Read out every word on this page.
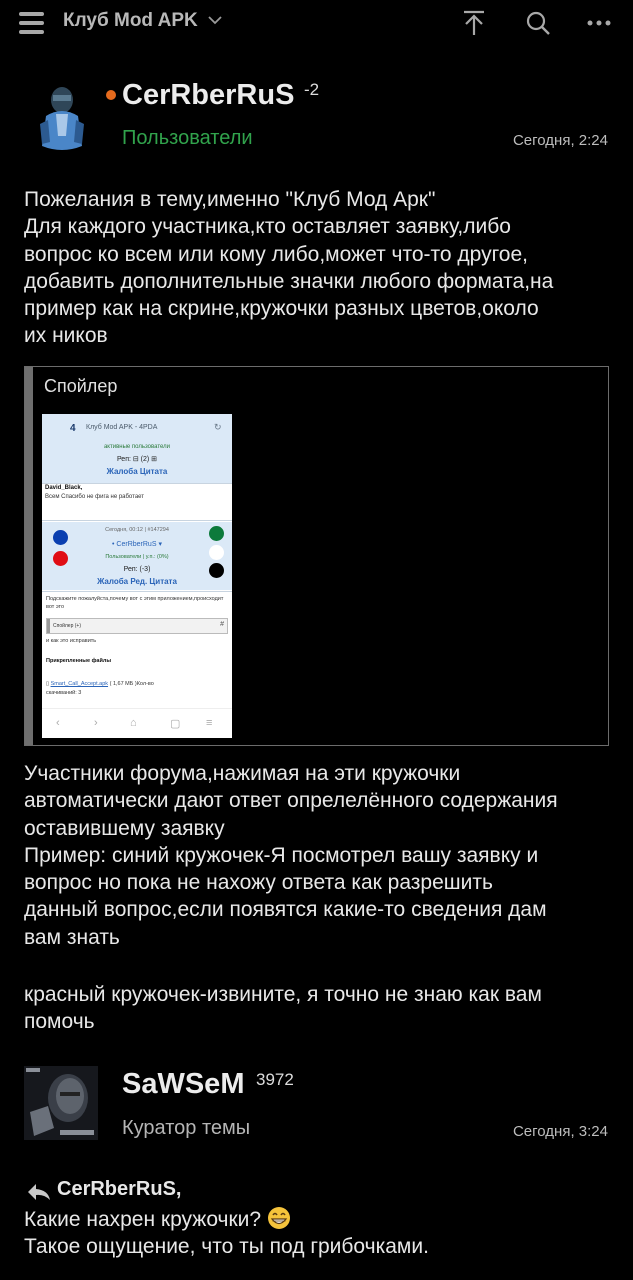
Клуб Mod APK
CerRberRuS -2
Пользователи	Сегодня, 2:24
Пожелания в тему,именно "Клуб Мод Арк"
Для каждого участника,кто оставляет заявку,либо
вопрос ко всем или кому либо,может что-то другое,
добавить дополнительные значки любого формата,на
пример как на скрине,кружочки разных цветов,около
их ников
Спойлер
4 Клуб Mod APK - 4PDA	↻
активные пользователи
Реп: ⊟ (2) ⊞
Жалоба Цитата
David_Black,
Всем Спасибо не фига не работает
Сегодня, 00:12 | #147294
• CerRberRuS ▾
Пользователи | у.п.: (0%)
Реп: (-3)
Жалоба Ред. Цитата
Подскажите пожалуйста,почему вот с этим приложением,происходит вот это
Спойлер (+)	#
и как это исправить
Прикрепленные файлы
▯ Smart_Call_Accept.apk ( 1,67 МБ )Кол-во
скачиваний: 3
‹	›	⌂	▢ ≡
Участники форума,нажимая на эти кружочки
автоматически дают ответ опрелелённого содержания
оставившему заявку
Пример: синий кружочек-Я посмотрел вашу заявку и
вопрос но пока не нахожу ответа как разрешить
данный вопрос,если появятся какие-то сведения дам
вам знать
красный кружочек-извините, я точно не знаю как вам
помочь
SaWSeM 3972
Куратор темы	Сегодня, 3:24
CerRberRuS,
Какие нахрен кружочки?
Такое ощущение, что ты под грибочками.
